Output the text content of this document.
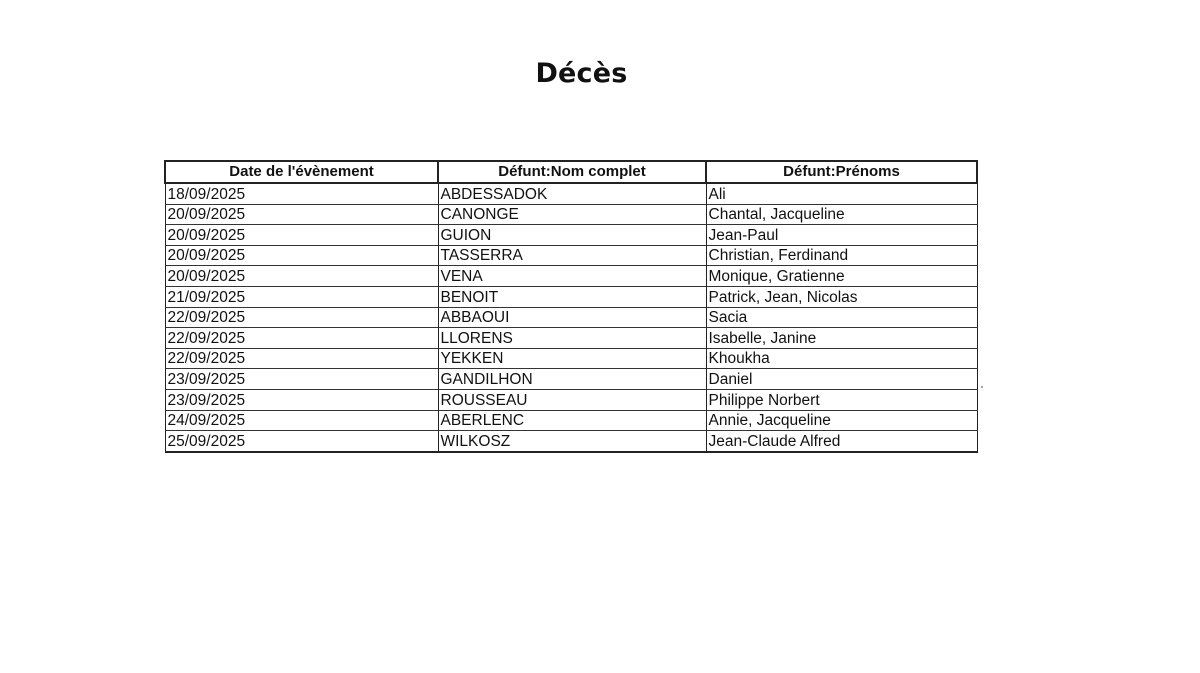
Décès
Date de l'évènement	Défunt:Nom complet	Défunt:Prénoms
18/09/2025	ABDESSADOK	Ali
20/09/2025	CANONGE	Chantal, Jacqueline
20/09/2025	GUION	Jean-Paul
20/09/2025	TASSERRA	Christian, Ferdinand
20/09/2025	VENA	Monique, Gratienne
21/09/2025	BENOIT	Patrick, Jean, Nicolas
22/09/2025	ABBAOUI	Sacia
22/09/2025	LLORENS	Isabelle, Janine
22/09/2025	YEKKEN	Khoukha
23/09/2025	GANDILHON	Daniel
23/09/2025	ROUSSEAU	Philippe Norbert
24/09/2025	ABERLENC	Annie, Jacqueline
25/09/2025	WILKOSZ	Jean-Claude Alfred
